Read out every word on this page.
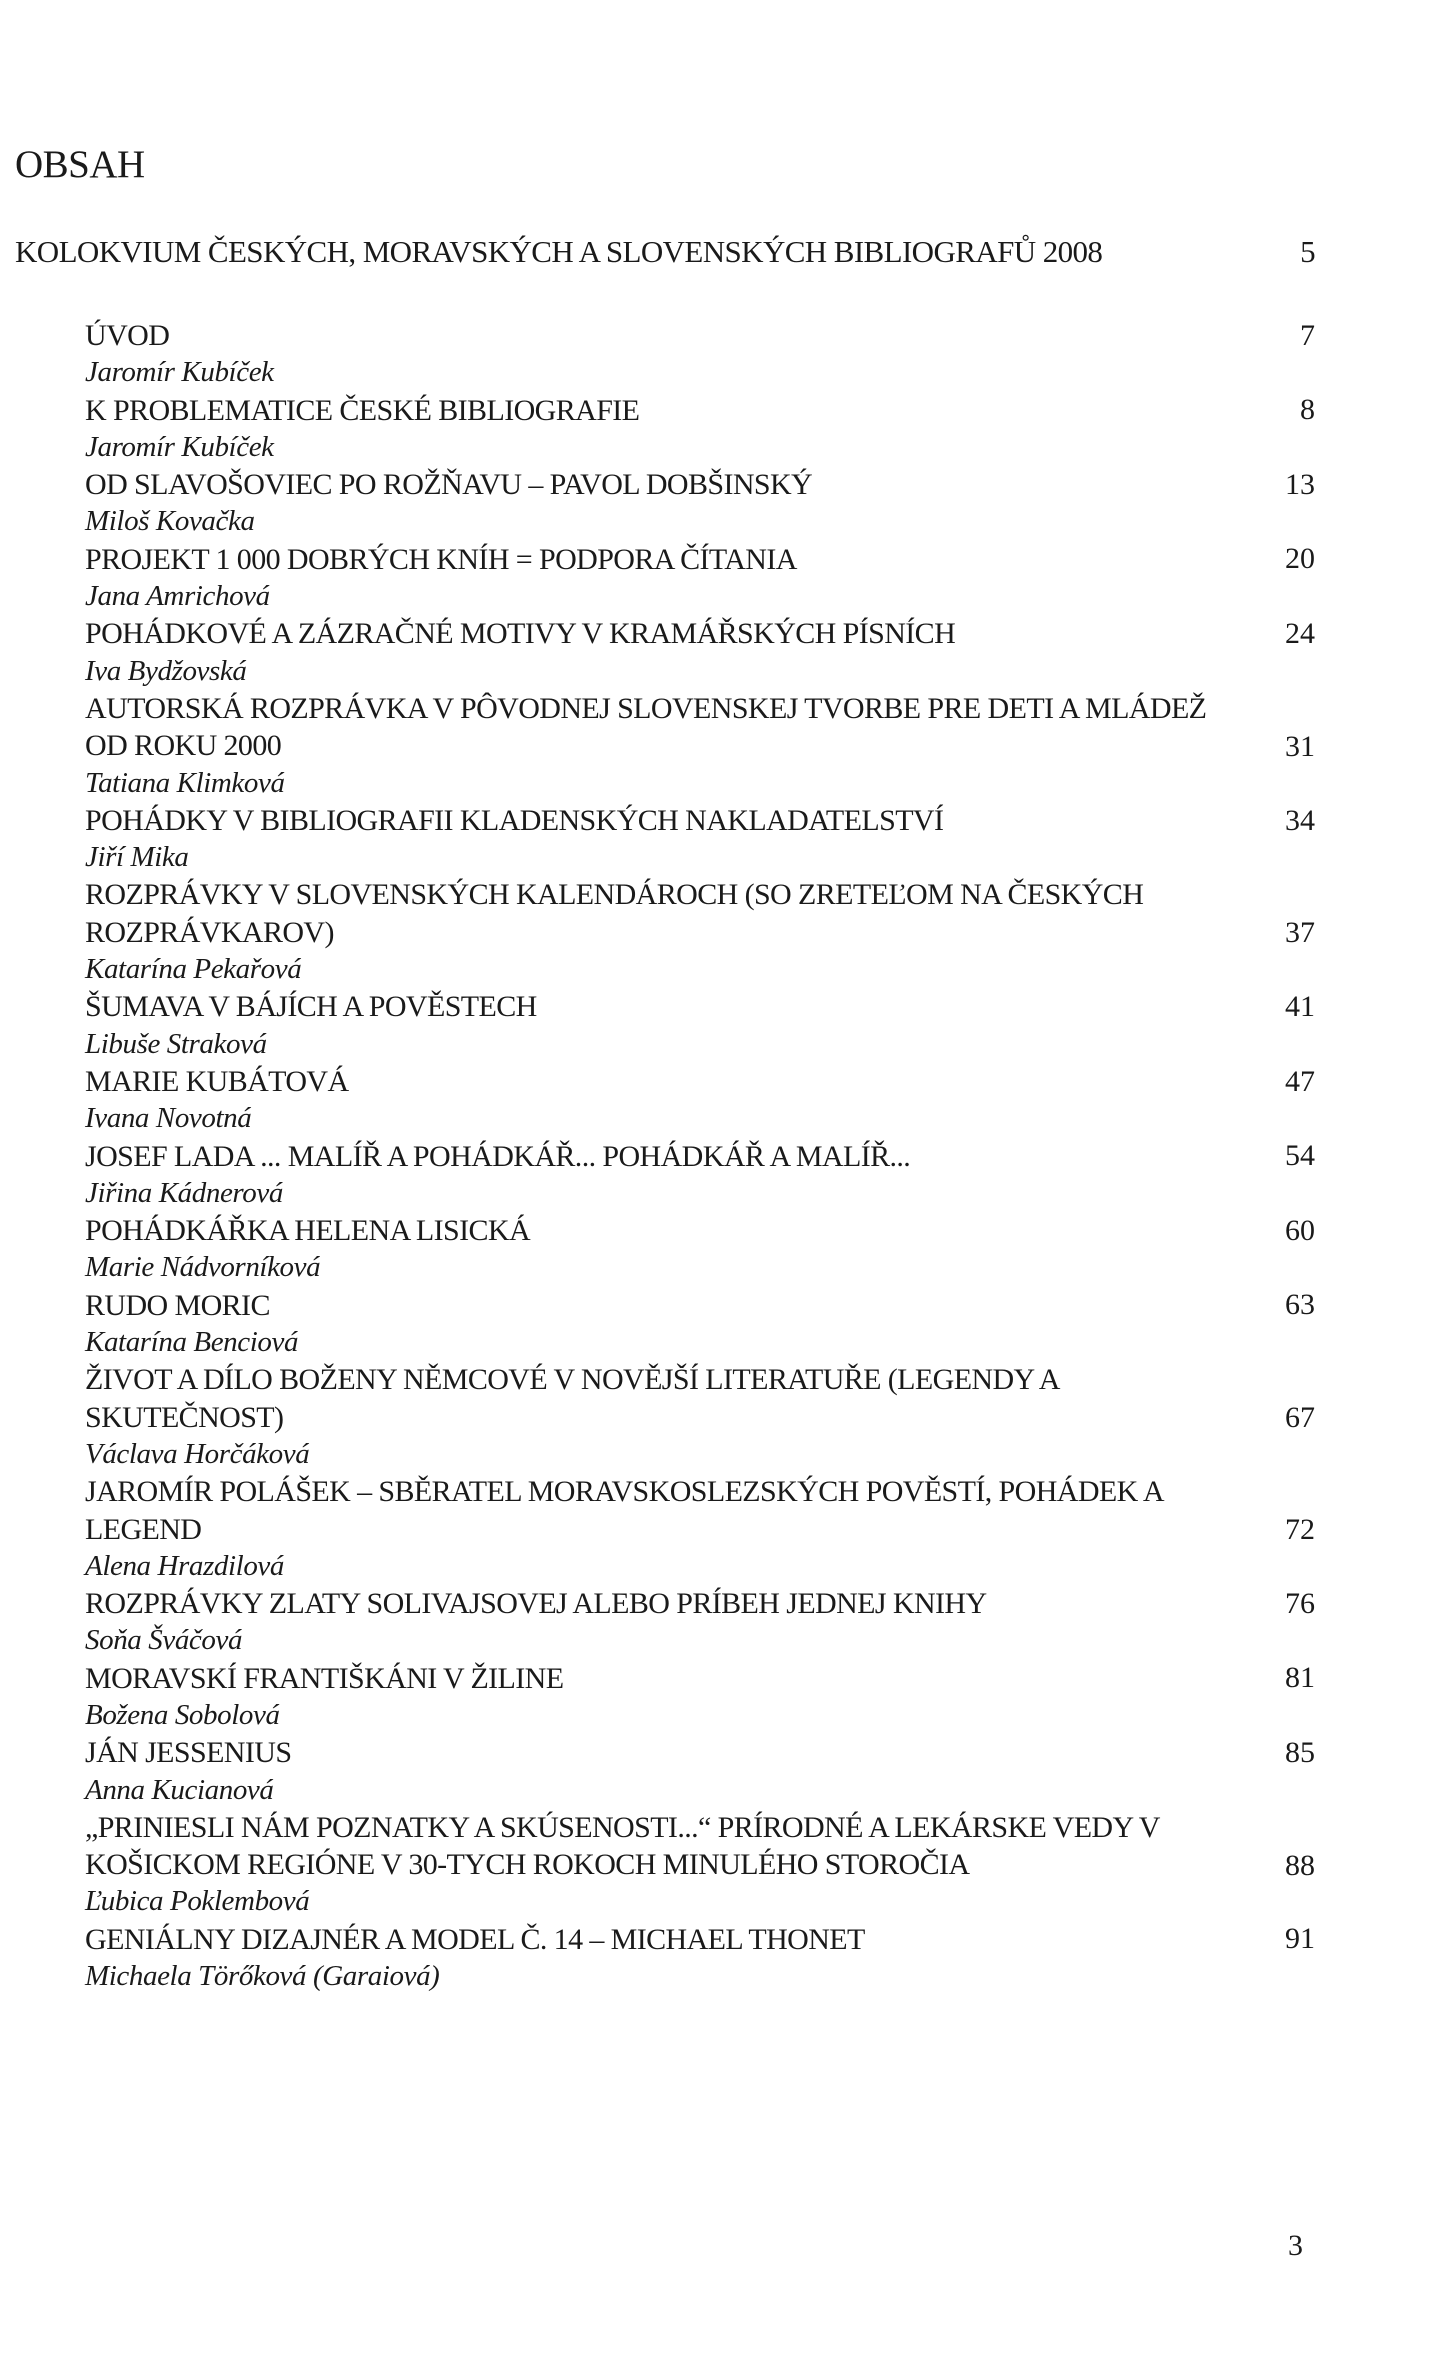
OBSAH
KOLOKVIUM ČESKÝCH, MORAVSKÝCH A SLOVENSKÝCH BIBLIOGRAFŮ 2008	5
ÚVOD	7
Jaromír Kubíček
K PROBLEMATICE ČESKÉ BIBLIOGRAFIE	8
Jaromír Kubíček
OD SLAVOŠOVIEC PO ROŽŇAVU – PAVOL DOBŠINSKÝ	13
Miloš Kovačka
PROJEKT 1 000 DOBRÝCH KNÍH = PODPORA ČÍTANIA	20
Jana Amrichová
POHÁDKOVÉ A ZÁZRAČNÉ MOTIVY V KRAMÁŘSKÝCH PÍSNÍCH	24
Iva Bydžovská
AUTORSKÁ ROZPRÁVKA V PÔVODNEJ SLOVENSKEJ TVORBE PRE DETI A MLÁDEŽ OD ROKU 2000	31
Tatiana Klimková
POHÁDKY V BIBLIOGRAFII KLADENSKÝCH NAKLADATELSTVÍ	34
Jiří Mika
ROZPRÁVKY V SLOVENSKÝCH KALENDÁROCH (SO ZRETEĽOM NA ČESKÝCH ROZPRÁVKAROV)	37
Katarína Pekařová
ŠUMAVA V BÁJÍCH A POVĚSTECH	41
Libuše Straková
MARIE KUBÁTOVÁ	47
Ivana Novotná
JOSEF LADA ... MALÍŘ A POHÁDKÁŘ... POHÁDKÁŘ A MALÍŘ...	54
Jiřina Kádnerová
POHÁDKÁŘKA HELENA LISICKÁ	60
Marie Nádvorníková
RUDO MORIC	63
Katarína Benciová
ŽIVOT A DÍLO BOŽENY NĚMCOVÉ V NOVĚJŠÍ LITERATUŘE (LEGENDY A SKUTEČNOST)	67
Václava Horčáková
JAROMÍR POLÁŠEK – SBĚRATEL MORAVSKOSLEZSKÝCH POVĚSTÍ, POHÁDEK A LEGEND	72
Alena Hrazdilová
ROZPRÁVKY ZLATY SOLIVAJSOVEJ ALEBO PRÍBEH JEDNEJ KNIHY	76
Soňa Šváčová
MORAVSKÍ FRANTIŠKÁNI V ŽILINE	81
Božena Sobolová
JÁN JESSENIUS	85
Anna Kucianová
„PRINIESLI NÁM POZNATKY A SKÚSENOSTI...“ PRÍRODNÉ A LEKÁRSKE VEDY V KOŠICKOM REGIÓNE V 30-TYCH ROKOCH MINULÉHO STOROČIA	88
Ľubica Poklembová
GENIÁLNY DIZAJNÉR A MODEL Č. 14 – MICHAEL THONET	91
Michaela Törőková (Garaiová)
3
